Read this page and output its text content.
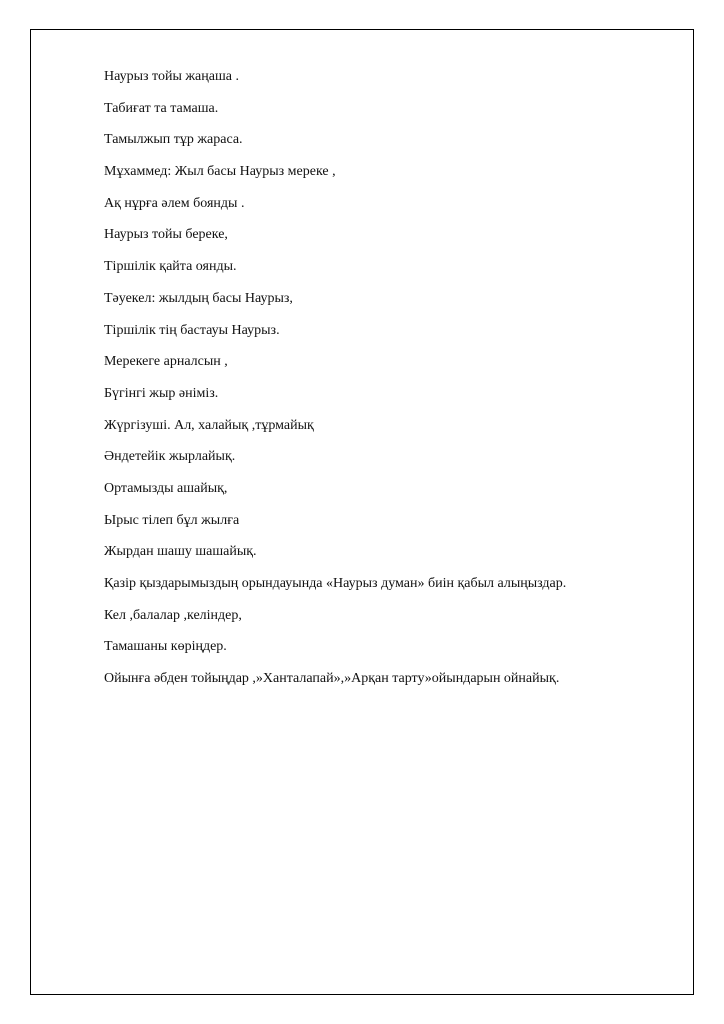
Наурыз тойы жаңаша .
Табиғат та тамаша.
Тамылжып тұр жараса.
Мұхаммед: Жыл басы Наурыз мереке ,
Ақ нұрға әлем боянды .
Наурыз тойы береке,
Тіршілік қайта оянды.
Тәуекел: жылдың басы Наурыз,
Тіршілік тің бастауы Наурыз.
Мерекеге арналсын ,
Бүгінгі жыр әніміз.
Жүргізуші. Ал, халайық ,тұрмайық
Әндетейік жырлайық.
Ортамызды ашайық,
Ырыс тілеп бұл жылға
Жырдан шашу шашайық.
Қазір қыздарымыздың орындауында «Наурыз думан» биін қабыл алыңыздар.
Кел ,балалар ,келіндер,
Тамашаны көріңдер.
Ойынға әбден тойыңдар ,»Ханталапай»,»Арқан тарту»ойындарын ойнайық.
